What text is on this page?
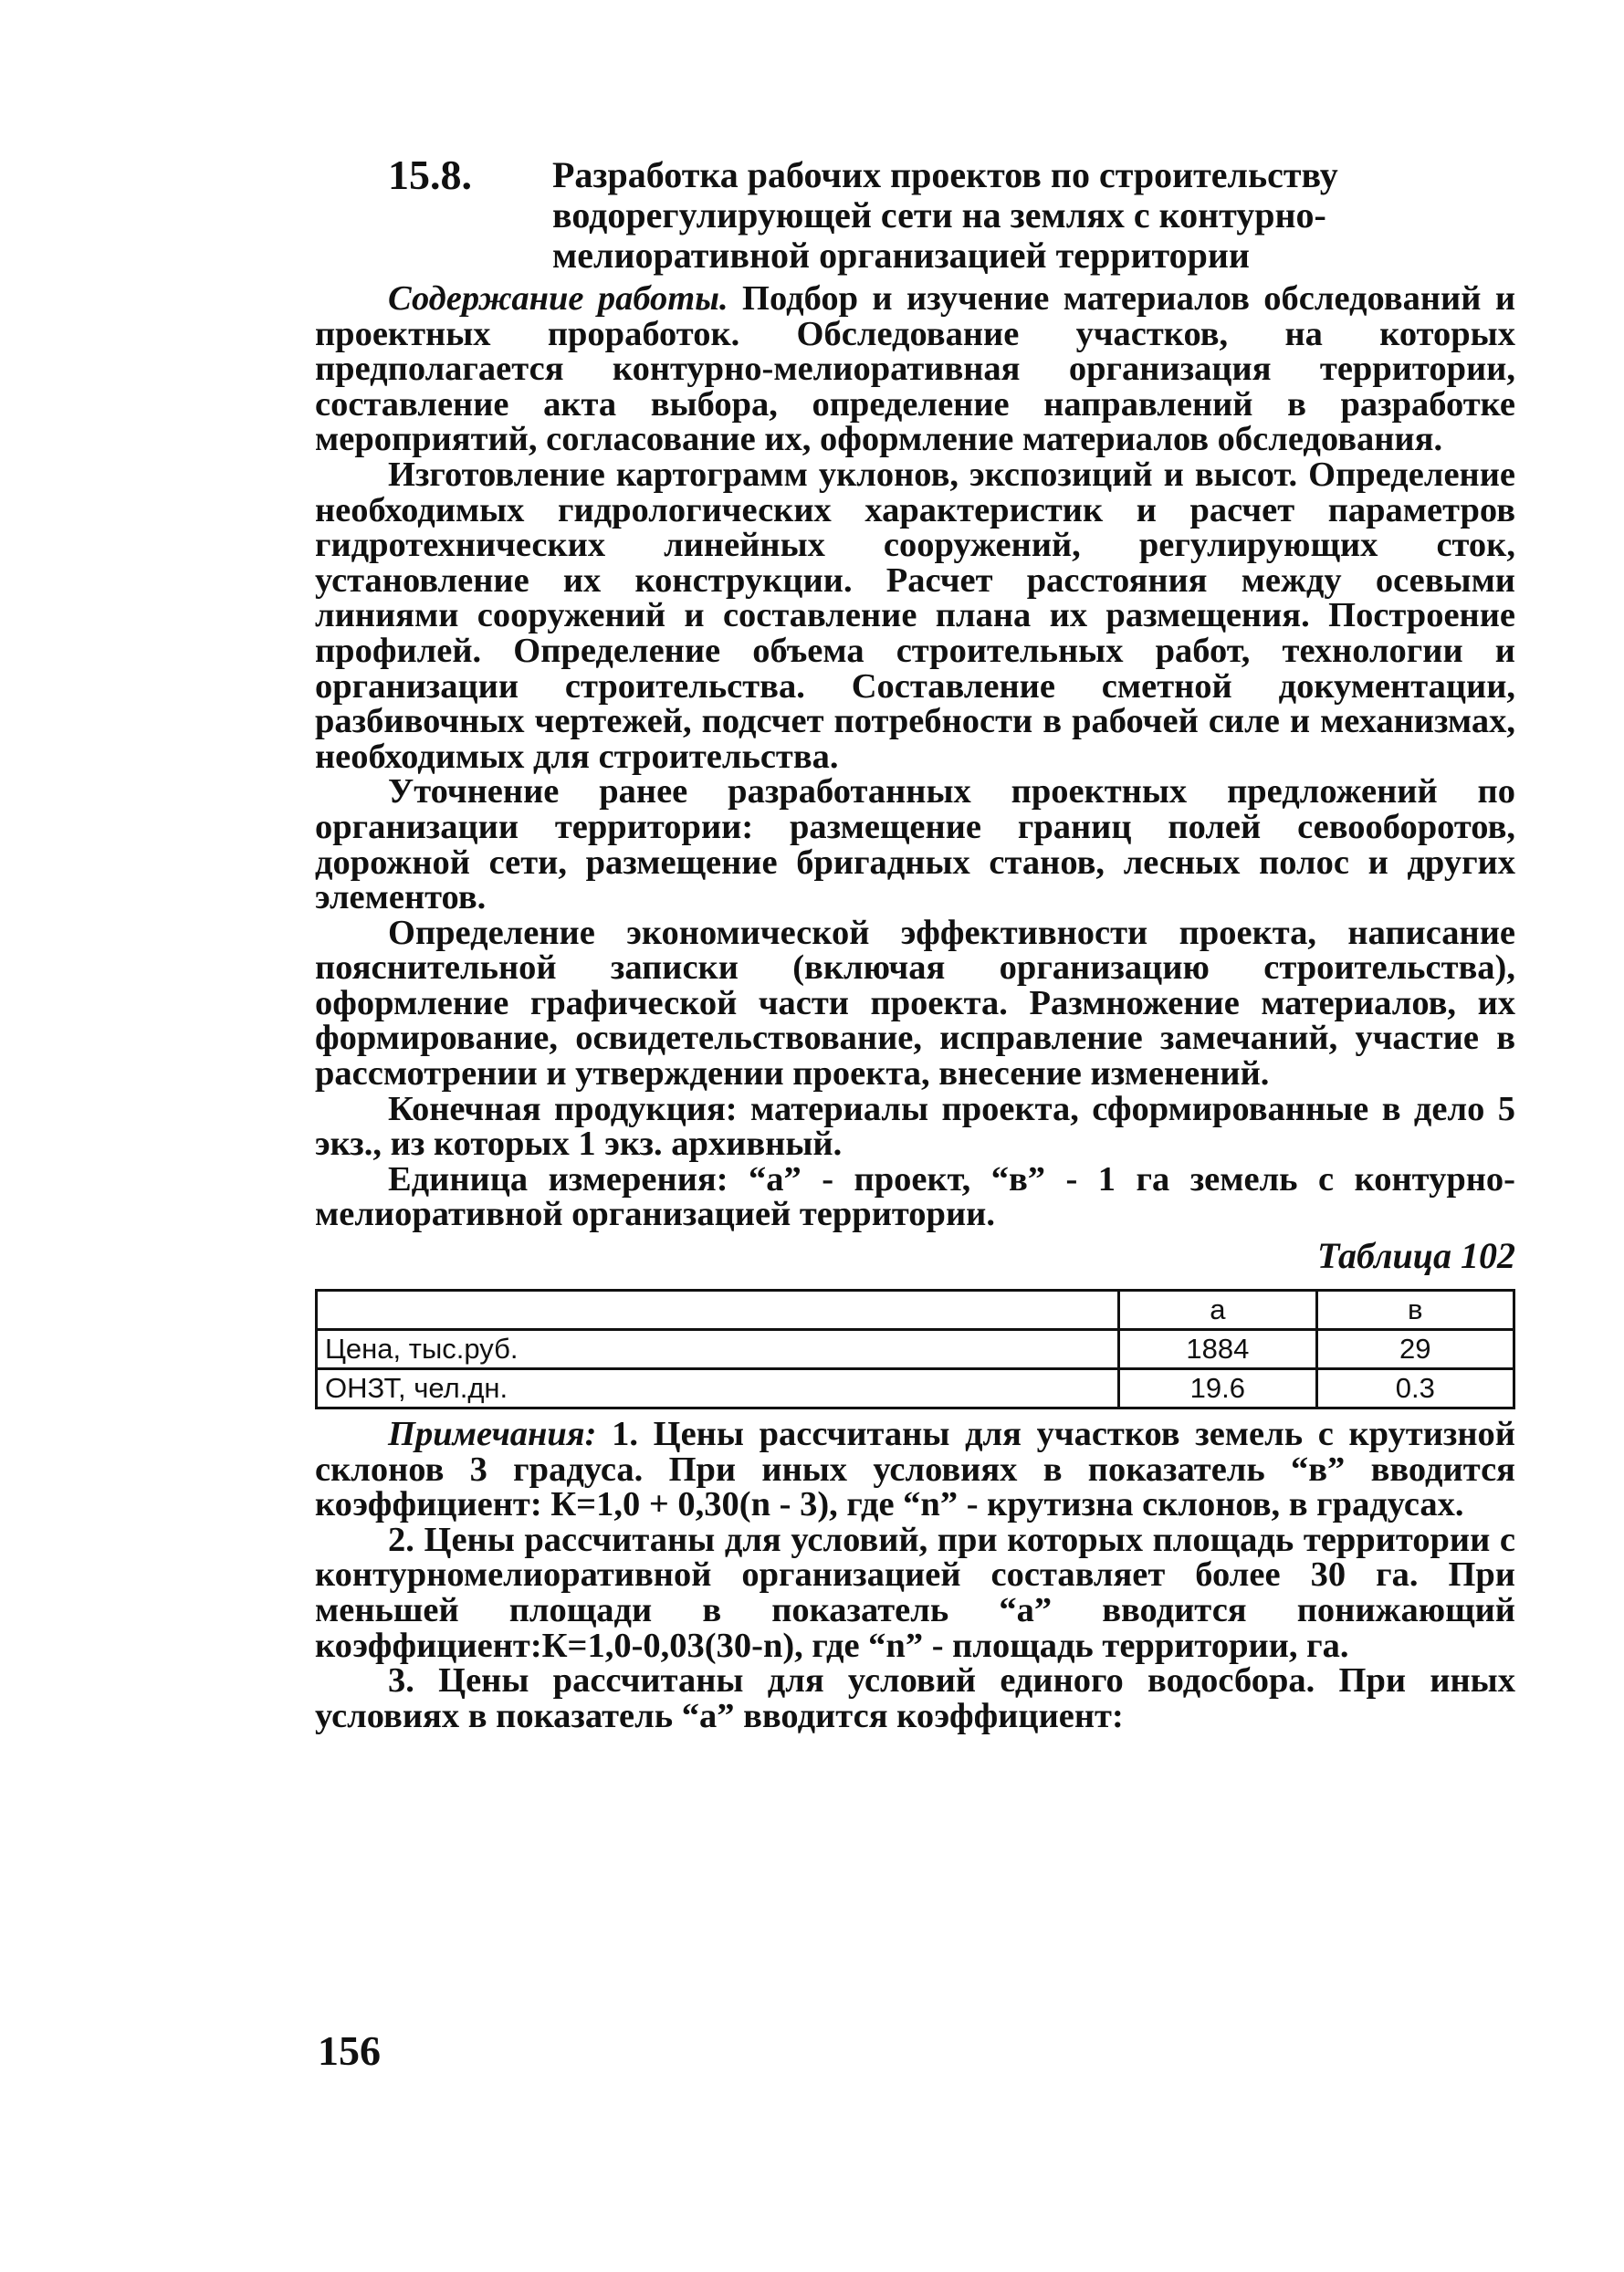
15.8.	Разработка рабочих проектов по строительству водорегулирующей сети на землях с контурно-мелиоративной организацией территории

Содержание работы. Подбор и изучение материалов обследований и проектных проработок. Обследование участков, на которых предполагается контурно-мелиоративная организация территории, составление акта выбора, определение направлений в разработке мероприятий, согласование их, оформление материалов обследования.

Изготовление картограмм уклонов, экспозиций и высот. Определение необходимых гидрологических характеристик и расчет параметров гидротехнических линейных сооружений, регулирующих сток, установление их конструкции. Расчет расстояния между осевыми линиями сооружений и составление плана их размещения. Построение профилей. Определение объема строительных работ, технологии и организации строительства. Составление сметной документации, разбивочных чертежей, подсчет потребности в рабочей силе и механизмах, необходимых для строительства.

Уточнение ранее разработанных проектных предложений по организации территории: размещение границ полей севооборотов, дорожной сети, размещение бригадных станов, лесных полос и других элементов.

Определение экономической эффективности проекта, написание пояснительной записки (включая организацию строительства), оформление графической части проекта. Размножение материалов, их формирование, освидетельствование, исправление замечаний, участие в рассмотрении и утверждении проекта, внесение изменений.

Конечная продукция: материалы проекта, сформированные в дело 5 экз., из которых 1 экз. архивный.

Единица измерения: “а” - проект, “в” - 1 га земель с контурно-мелиоративной организацией территории.

Таблица 102
	а	в
Цена, тыс.руб.	1884	29
ОНЗТ, чел.дн.	19.6	0.3

Примечания: 1. Цены рассчитаны для участков земель с крутизной склонов 3 градуса. При иных условиях в показатель “в” вводится коэффициент: К=1,0 + 0,30(n - 3), где “n” - крутизна склонов, в градусах.

2. Цены рассчитаны для условий, при которых площадь территории с контурномелиоративной организацией составляет более 30 га. При меньшей площади в показатель “а” вводится понижающий коэффициент:К=1,0-0,03(30-n), где “n” - площадь территории, га.

3. Цены рассчитаны для условий единого водосбора. При иных условиях в показатель “а” вводится коэффициент:

156
